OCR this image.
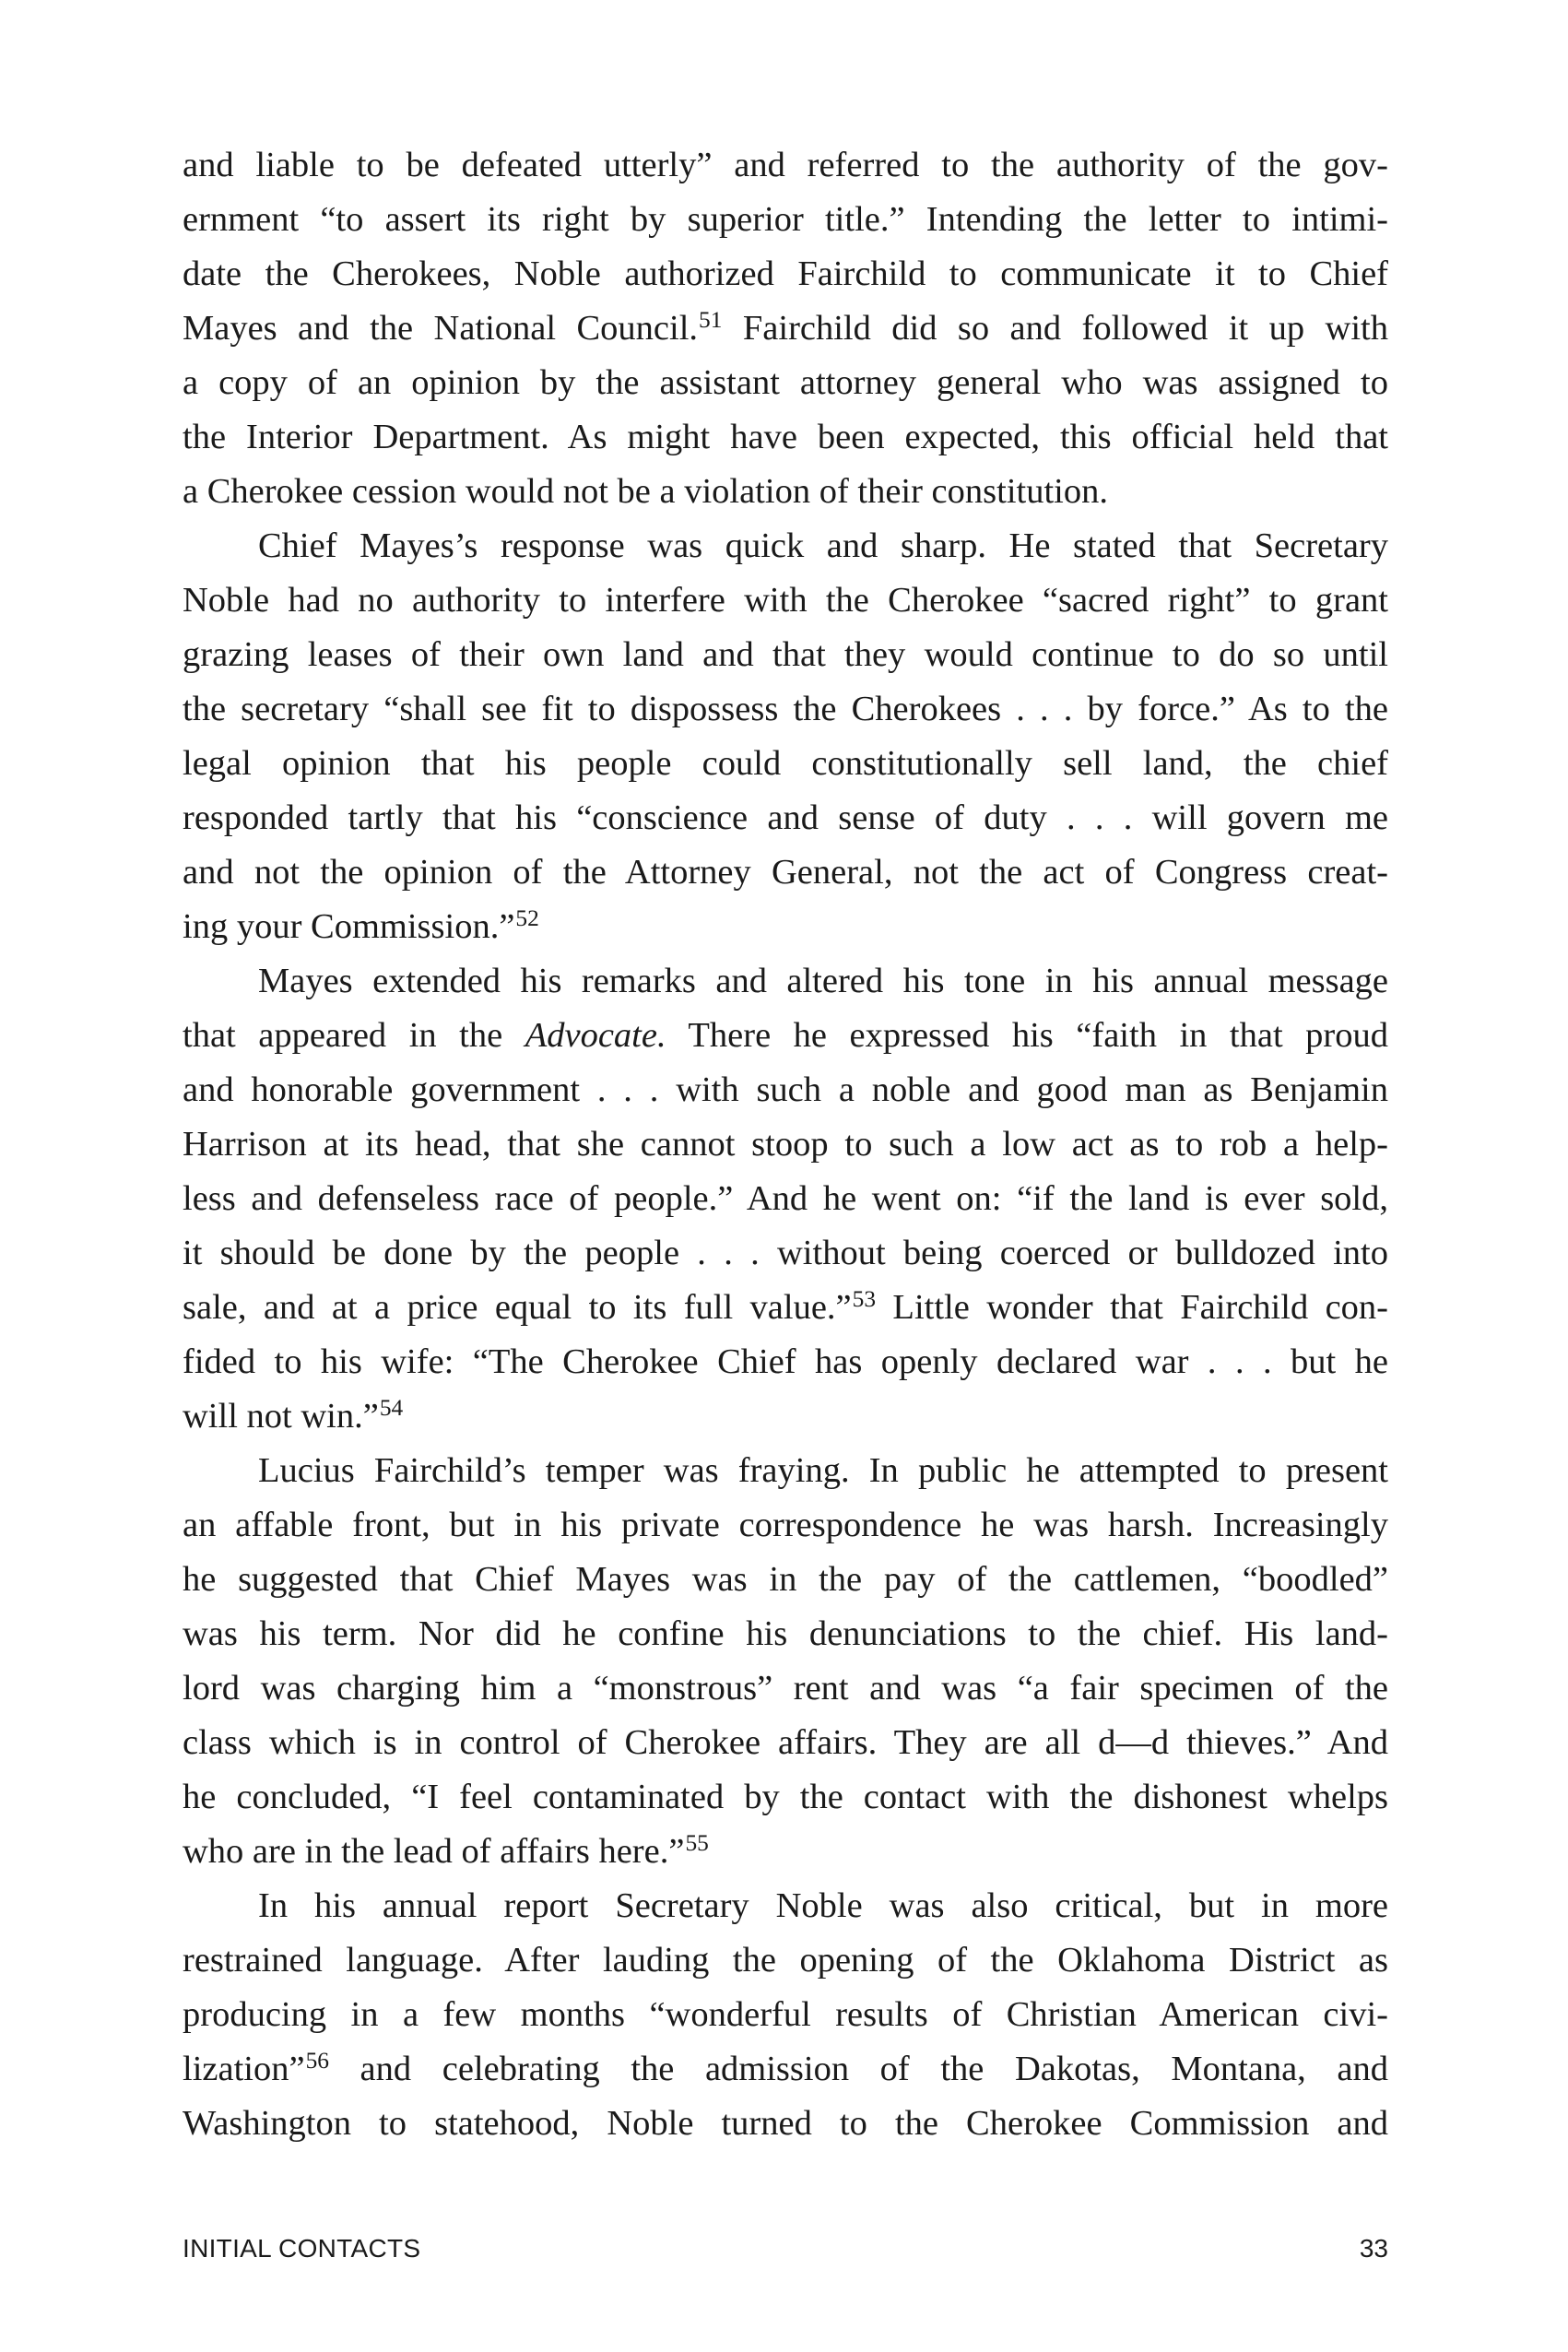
and liable to be defeated utterly” and referred to the authority of the gov-
ernment “to assert its right by superior title.” Intending the letter to intimi-
date the Cherokees, Noble authorized Fairchild to communicate it to Chief
Mayes and the National Council.$^{51}$ Fairchild did so and followed it up with
a copy of an opinion by the assistant attorney general who was assigned to
the Interior Department. As might have been expected, this official held that
a Cherokee cession would not be a violation of their constitution.
Chief Mayes’s response was quick and sharp. He stated that Secretary
Noble had no authority to interfere with the Cherokee “sacred right” to grant
grazing leases of their own land and that they would continue to do so until
the secretary “shall see fit to dispossess the Cherokees . . . by force.” As to the
legal opinion that his people could constitutionally sell land, the chief
responded tartly that his “conscience and sense of duty . . . will govern me
and not the opinion of the Attorney General, not the act of Congress creat-
ing your Commission.”$^{52}$
Mayes extended his remarks and altered his tone in his annual message
that appeared in the Advocate. There he expressed his “faith in that proud
and honorable government . . . with such a noble and good man as Benjamin
Harrison at its head, that she cannot stoop to such a low act as to rob a help-
less and defenseless race of people.” And he went on: “if the land is ever sold,
it should be done by the people . . . without being coerced or bulldozed into
sale, and at a price equal to its full value.”$^{53}$ Little wonder that Fairchild con-
fided to his wife: “The Cherokee Chief has openly declared war . . . but he
will not win.”$^{54}$
Lucius Fairchild’s temper was fraying. In public he attempted to present
an affable front, but in his private correspondence he was harsh. Increasingly
he suggested that Chief Mayes was in the pay of the cattlemen, “boodled”
was his term. Nor did he confine his denunciations to the chief. His land-
lord was charging him a “monstrous” rent and was “a fair specimen of the
class which is in control of Cherokee affairs. They are all d—d thieves.” And
he concluded, “I feel contaminated by the contact with the dishonest whelps
who are in the lead of affairs here.”$^{55}$
In his annual report Secretary Noble was also critical, but in more
restrained language. After lauding the opening of the Oklahoma District as
producing in a few months “wonderful results of Christian American civi-
lization”$^{56}$ and celebrating the admission of the Dakotas, Montana, and
Washington to statehood, Noble turned to the Cherokee Commission and
INITIAL CONTACTS	33
